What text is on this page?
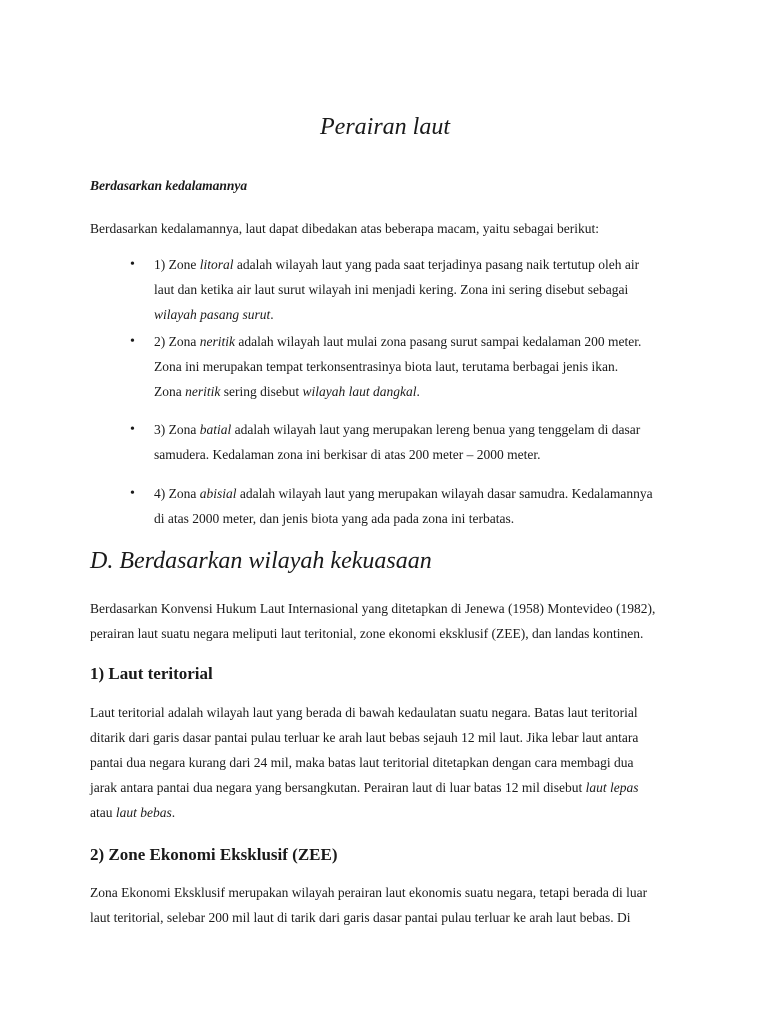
Perairan laut

Berdasarkan kedalamannya

Berdasarkan kedalamannya, laut dapat dibedakan atas beberapa macam, yaitu sebagai berikut:

• 1) Zone litoral adalah wilayah laut yang pada saat terjadinya pasang naik tertutup oleh air laut dan ketika air laut surut wilayah ini menjadi kering. Zona ini sering disebut sebagai wilayah pasang surut.
• 2) Zona neritik adalah wilayah laut mulai zona pasang surut sampai kedalaman 200 meter. Zona ini merupakan tempat terkonsentrasinya biota laut, terutama berbagai jenis ikan.
Zona neritik sering disebut wilayah laut dangkal.
• 3) Zona batial adalah wilayah laut yang merupakan lereng benua yang tenggelam di dasar samudera. Kedalaman zona ini berkisar di atas 200 meter – 2000 meter.
• 4) Zona abisial adalah wilayah laut yang merupakan wilayah dasar samudra. Kedalamannya di atas 2000 meter, dan jenis biota yang ada pada zona ini terbatas.
D. Berdasarkan wilayah kekuasaan

Berdasarkan Konvensi Hukum Laut Internasional yang ditetapkan di Jenewa (1958) Montevideo (1982), perairan laut suatu negara meliputi laut teritonial, zone ekonomi eksklusif (ZEE), dan landas kontinen.

1) Laut teritorial

Laut teritorial adalah wilayah laut yang berada di bawah kedaulatan suatu negara. Batas laut teritorial ditarik dari garis dasar pantai pulau terluar ke arah laut bebas sejauh 12 mil laut. Jika lebar laut antara pantai dua negara kurang dari 24 mil, maka batas laut teritorial ditetapkan dengan cara membagi dua jarak antara pantai dua negara yang bersangkutan. Perairan laut di luar batas 12 mil disebut laut lepas atau laut bebas.

2) Zone Ekonomi Eksklusif (ZEE)

Zona Ekonomi Eksklusif merupakan wilayah perairan laut ekonomis suatu negara, tetapi berada di luar laut teritorial, selebar 200 mil laut di tarik dari garis dasar pantai pulau terluar ke arah laut bebas. Di
